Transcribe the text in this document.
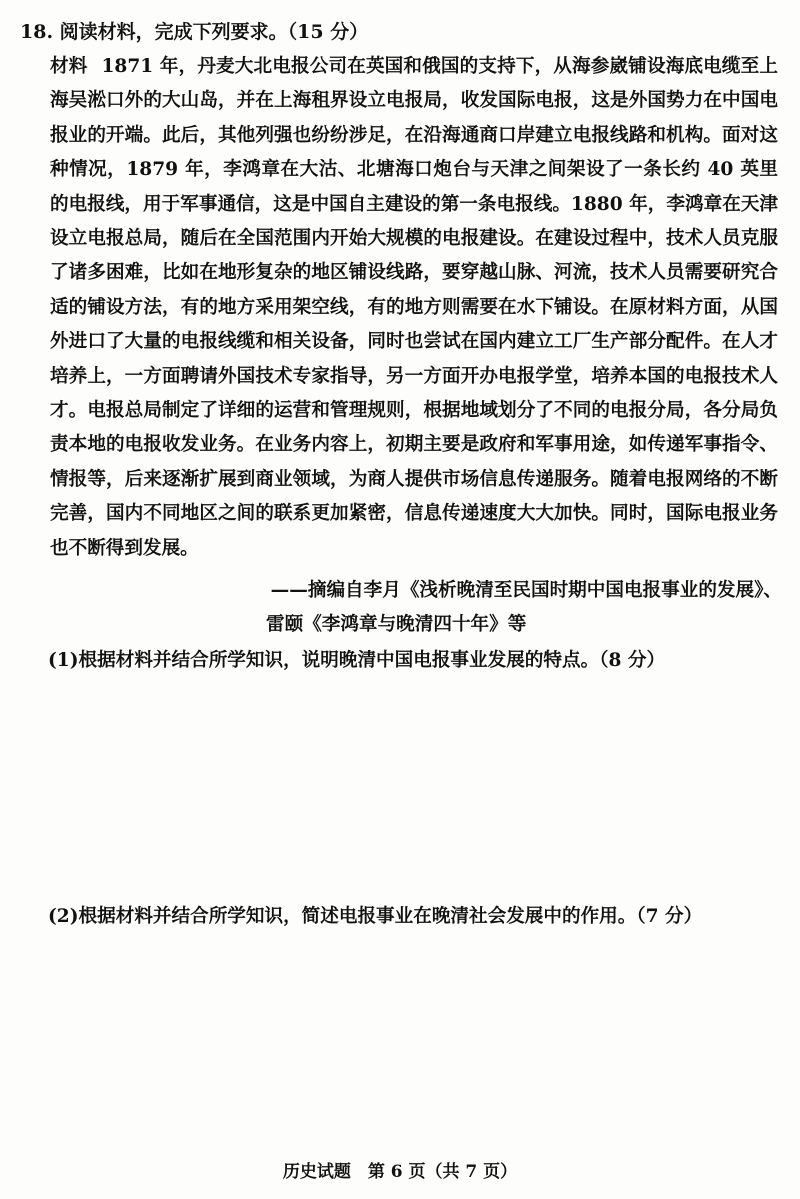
18. 阅读材料，完成下列要求。（15 分）
材料 1871 年，丹麦大北电报公司在英国和俄国的支持下，从海参崴铺设海底电缆至上海吴淞口外的大山岛，并在上海租界设立电报局，收发国际电报，这是外国势力在中国电报业的开端。此后，其他列强也纷纷涉足，在沿海通商口岸建立电报线路和机构。面对这种情况，1879 年，李鸿章在大沽、北塘海口炮台与天津之间架设了一条长约 40 英里的电报线，用于军事通信，这是中国自主建设的第一条电报线。1880 年，李鸿章在天津设立电报总局，随后在全国范围内开始大规模的电报建设。在建设过程中，技术人员克服了诸多困难，比如在地形复杂的地区铺设线路，要穿越山脉、河流，技术人员需要研究合适的铺设方法，有的地方采用架空线，有的地方则需要在水下铺设。在原材料方面，从国外进口了大量的电报线缆和相关设备，同时也尝试在国内建立工厂生产部分配件。在人才培养上，一方面聘请外国技术专家指导，另一方面开办电报学堂，培养本国的电报技术人才。电报总局制定了详细的运营和管理规则，根据地域划分了不同的电报分局，各分局负责本地的电报收发业务。在业务内容上，初期主要是政府和军事用途，如传递军事指令、情报等，后来逐渐扩展到商业领域，为商人提供市场信息传递服务。随着电报网络的不断完善，国内不同地区之间的联系更加紧密，信息传递速度大大加快。同时，国际电报业务也不断得到发展。
——摘编自李月《浅析晚清至民国时期中国电报事业的发展》、
雷颐《李鸿章与晚清四十年》等
(1)根据材料并结合所学知识，说明晚清中国电报事业发展的特点。（8 分）
(2)根据材料并结合所学知识，简述电报事业在晚清社会发展中的作用。（7 分）
历史试题　第 6 页（共 7 页）
